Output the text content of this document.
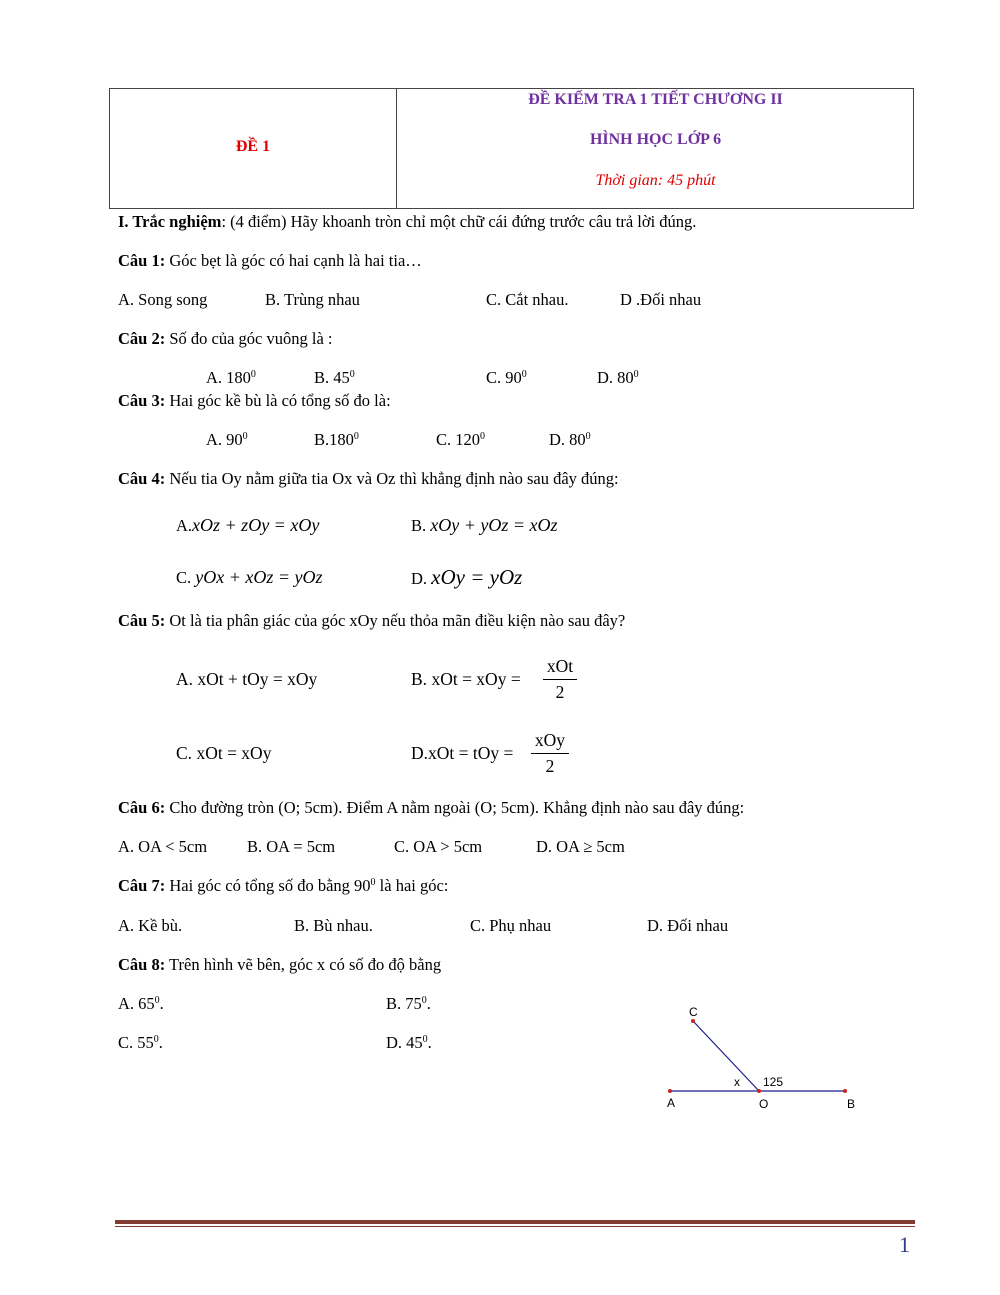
ĐỀ 1
ĐỀ KIỂM TRA 1 TIẾT CHƯƠNG II
HÌNH HỌC LỚP 6
Thời gian: 45 phút
I. Trắc nghiệm: (4 điểm) Hãy khoanh tròn chỉ một chữ cái đứng trước câu trả lời đúng.
Câu 1: Góc bẹt là góc có hai cạnh là hai tia…
A. Song song	B. Trùng nhau	C. Cắt nhau.	D .Đối nhau
Câu 2: Số đo của góc vuông là :
A. $180^0$	B. $45^0$	C. $90^0$	D. $80^0$
Câu 3: Hai góc kề bù là có tổng số đo là:
A. $90^0$	B.180$^0$	C. $120^0$	D. $80^0$
Câu 4: Nếu tia Oy nằm giữa tia Ox và Oz thì khẳng định nào sau đây đúng:
A.xOz + zOy = xOy	B. xOy + yOz = xOz
C. yOx + xOz = yOz	D. xOy = yOz
Câu 5: Ot là tia phân giác của góc xOy nếu thỏa mãn điều kiện nào sau đây?
A. xOt + tOy = xOy	B. xOt = xOy =
xOt
2
C. xOt = xOy	D.xOt = tOy =
xOy
2
Câu 6: Cho đường tròn (O; 5cm). Điểm A nằm ngoài (O; 5cm). Khẳng định nào sau đây đúng:
A. OA < 5cm B. OA = 5cm	C. OA > 5cm	D. OA ≥ 5cm
Câu 7: Hai góc có tổng số đo bằng $90^0$ là hai góc:
A. Kề bù.	B. Bù nhau.	C. Phụ nhau	D. Đối nhau
Câu 8: Trên hình vẽ bên, góc x có số đo độ bằng
A. $65^0$.	B. $75^0$.
C. $55^0$.	D. $45^0$.
C
A	O	B
x 125
1
